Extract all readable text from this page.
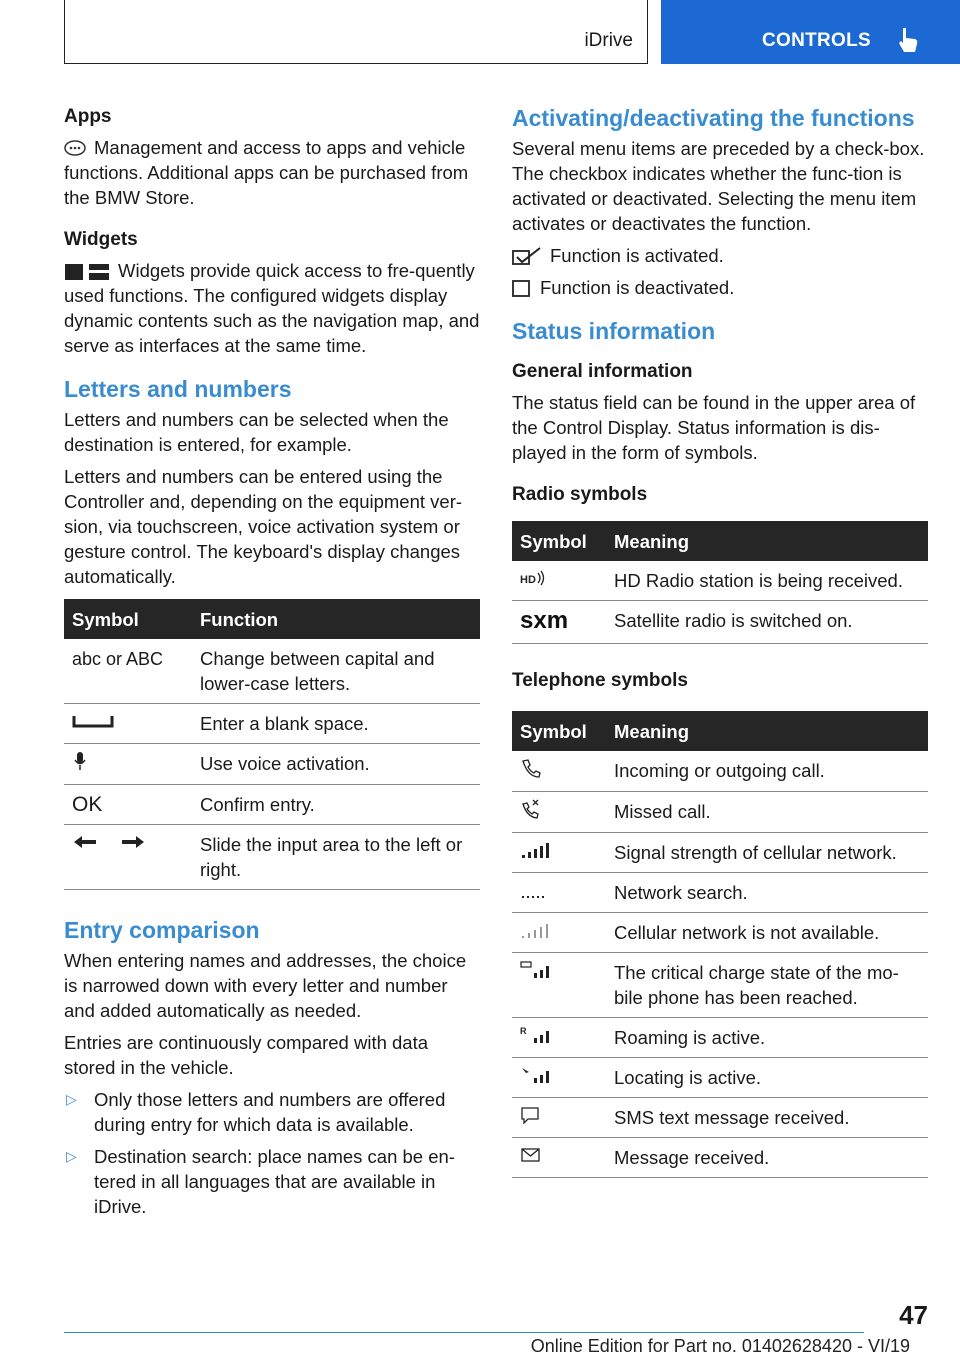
iDrive	CONTROLS
Apps

Management and access to apps and vehicle functions. Additional apps can be purchased from the BMW Store.

Widgets

Widgets provide quick access to fre-quently used functions. The configured widgets display dynamic contents such as the navigation map, and serve as interfaces at the same time.

Letters and numbers

Letters and numbers can be selected when the destination is entered, for example.

Letters and numbers can be entered using the Controller and, depending on the equipment ver-sion, via touchscreen, voice activation system or gesture control. The keyboard's display changes automatically.

Symbol	Function
abc or ABC	Change between capital and lower-case letters.
	Enter a blank space.
	Use voice activation.
OK	Confirm entry.
	Slide the input area to the left or right.
Entry comparison

When entering names and addresses, the choice is narrowed down with every letter and number and added automatically as needed.

Entries are continuously compared with data stored in the vehicle.

▷ Only those letters and numbers are offered during entry for which data is available.
▷ Destination search: place names can be en-tered in all languages that are available in iDrive.
Activating/deactivating the functions

Several menu items are preceded by a check-box. The checkbox indicates whether the func-tion is activated or deactivated. Selecting the menu item activates or deactivates the function.

Function is activated.

Function is deactivated.

Status information
General information

The status field can be found in the upper area of the Control Display. Status information is dis-played in the form of symbols.

Radio symbols
Symbol	Meaning

HD	HD Radio station is being received.

sxm	Satellite radio is switched on.
Telephone symbols
Symbol	Meaning
	Incoming or outgoing call.
	Missed call.
	Signal strength of cellular network.
	Network search.
	Cellular network is not available.
	The critical charge state of the mo-bile phone has been reached.

R	Roaming is active.
	Locating is active.
	SMS text message received.
	Message received.
47
Online Edition for Part no. 01402628420 - VI/19
